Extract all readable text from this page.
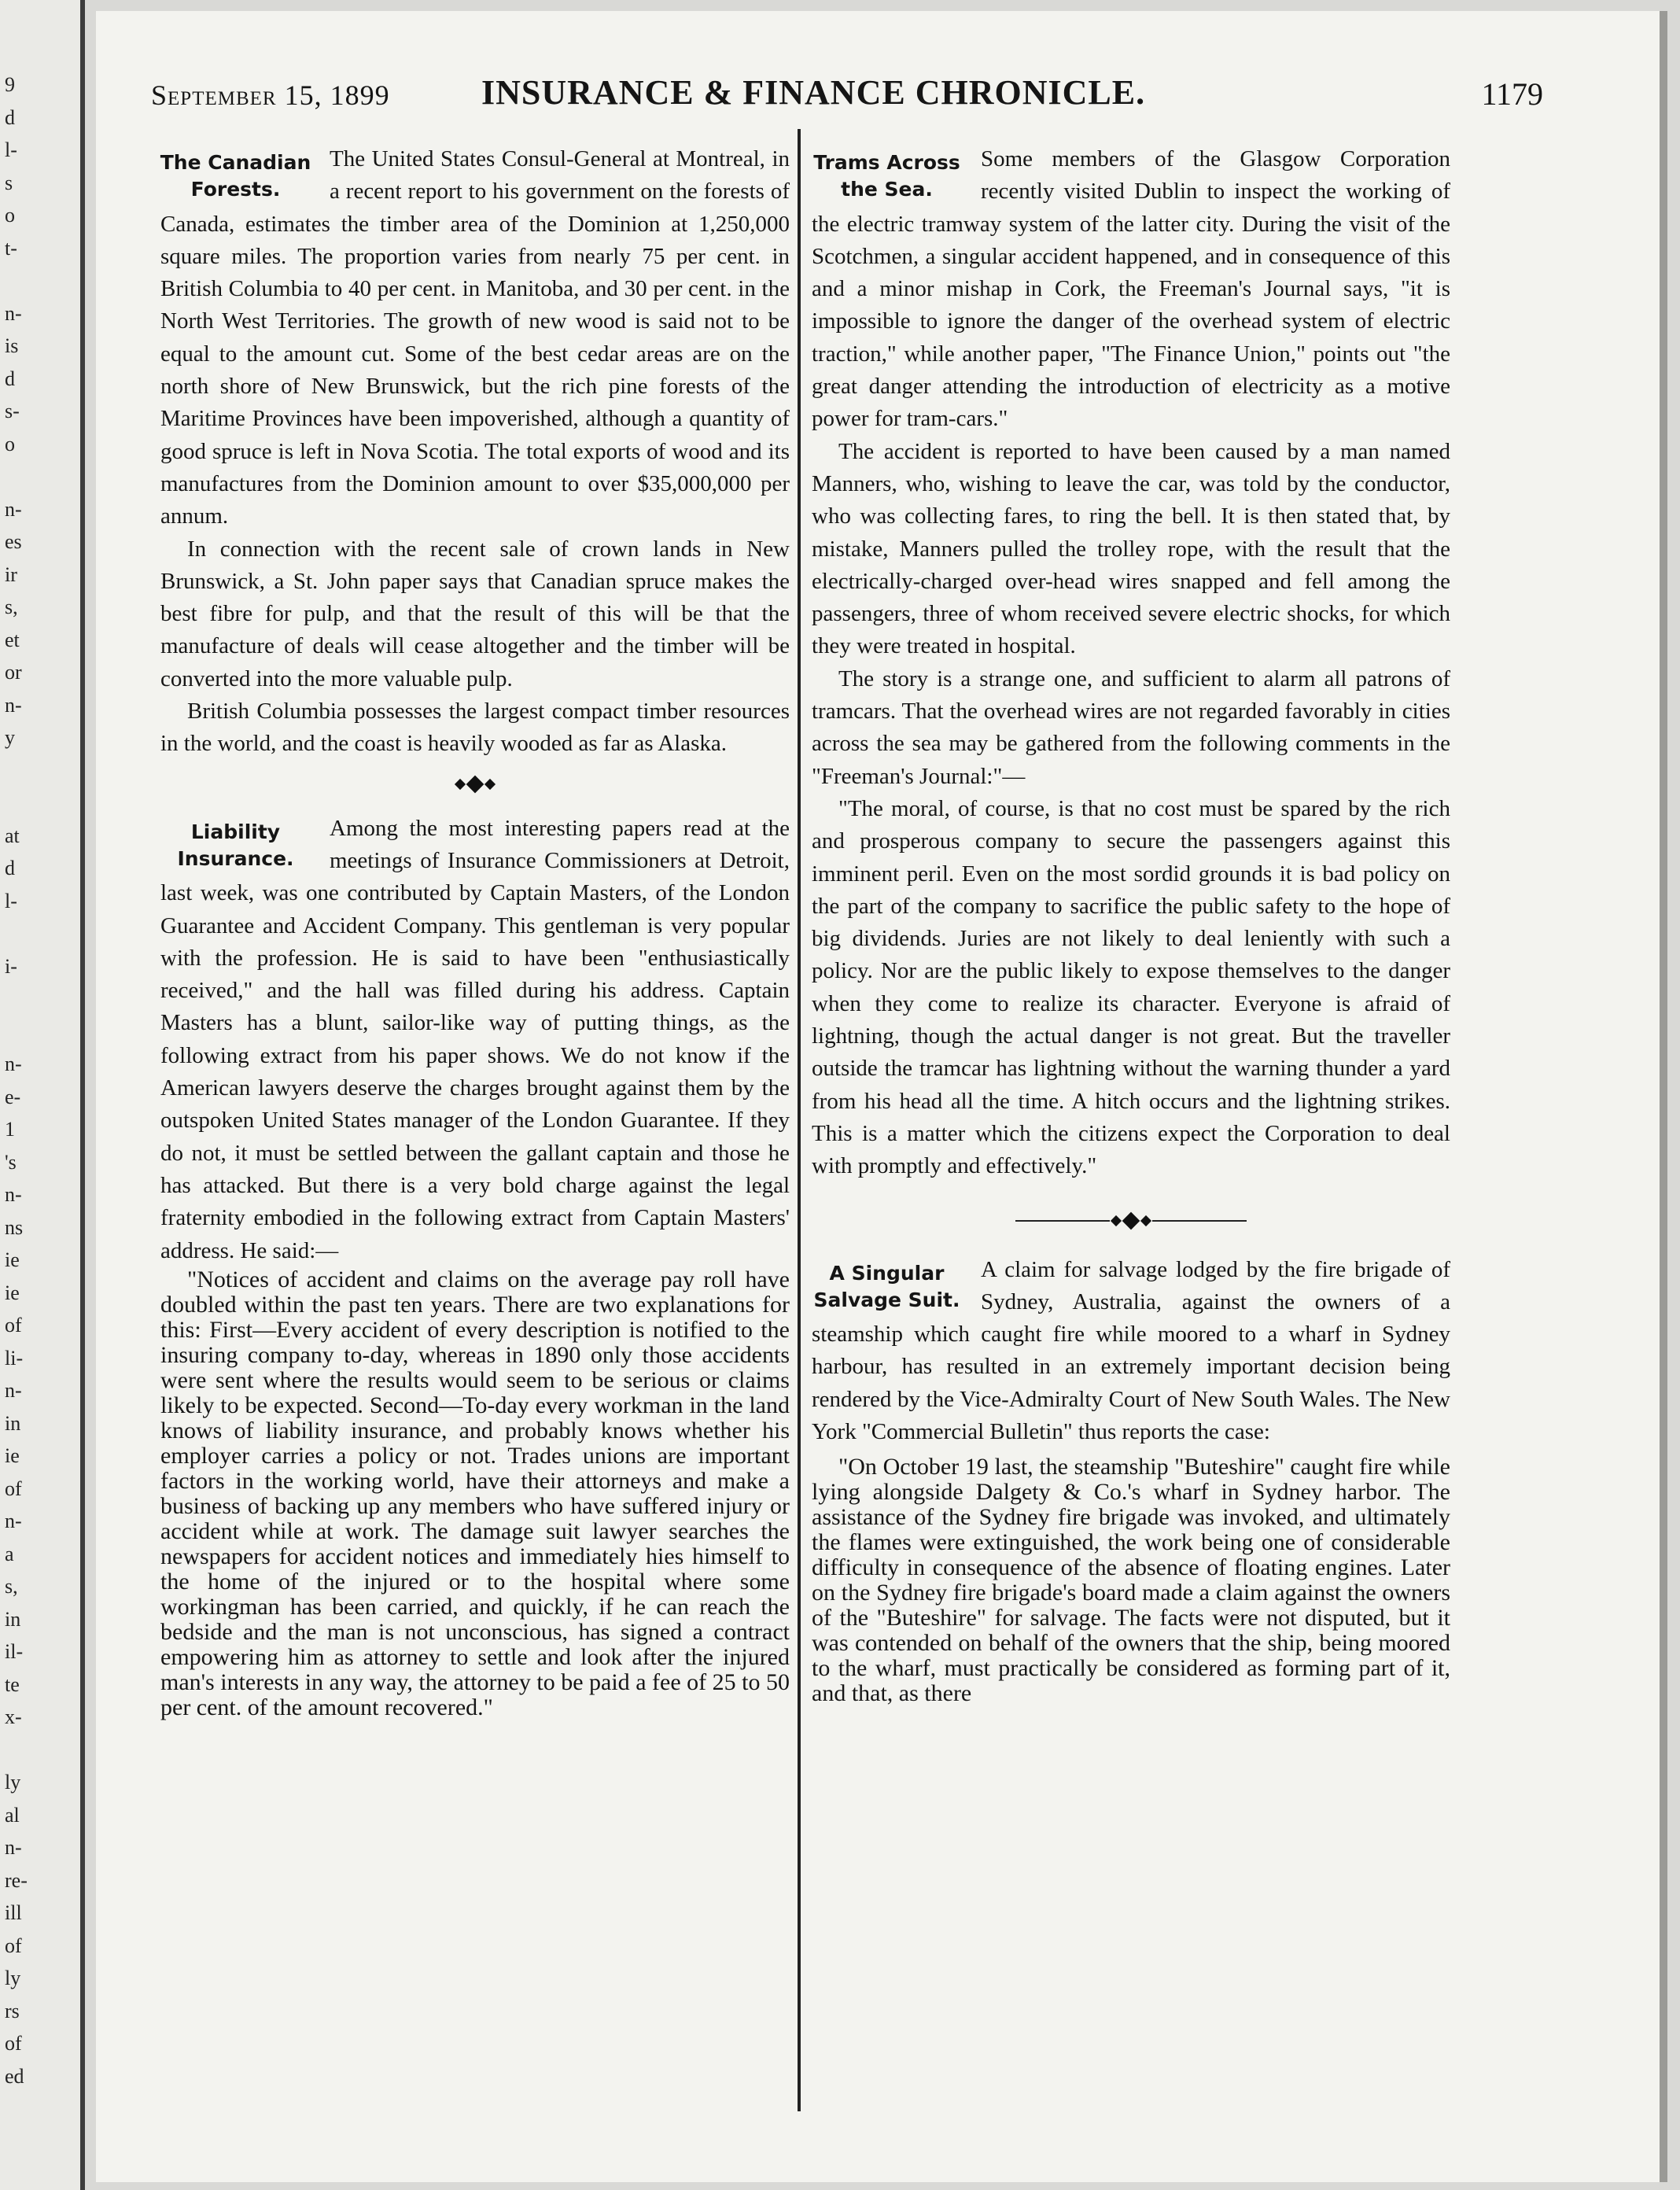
9
d
l-
s
o
t-
n-
is
d
s-
o
n-
es
ir
s,
et
or
n-
y
at
d
l-
i-
n-
e-
1
's
n-
ns
ie
ie
of
li-
n-
in
ie
of
n-
a
s,
in
il-
te
x-
ly
al
n-
re-
ill
of
ly
rs
of
ed
September 15, 1899	INSURANCE & FINANCE CHRONICLE.	1179
The Canadian Forests.

The United States Consul-General at Montreal, in a recent report to his government on the forests of Canada, estimates the timber area of the Dominion at 1,250,000 square miles. The proportion varies from nearly 75 per cent. in British Columbia to 40 per cent. in Manitoba, and 30 per cent. in the North West Territories. The growth of new wood is said not to be equal to the amount cut. Some of the best cedar areas are on the north shore of New Brunswick, but the rich pine forests of the Maritime Provinces have been impoverished, although a quantity of good spruce is left in Nova Scotia. The total exports of wood and its manufactures from the Dominion amount to over $35,000,000 per annum.

In connection with the recent sale of crown lands in New Brunswick, a St. John paper says that Canadian spruce makes the best fibre for pulp, and that the result of this will be that the manufacture of deals will cease altogether and the timber will be converted into the more valuable pulp.

British Columbia possesses the largest compact timber resources in the world, and the coast is heavily wooded as far as Alaska.

Liability Insurance.

Among the most interesting papers read at the meetings of Insurance Commissioners at Detroit, last week, was one contributed by Captain Masters, of the London Guarantee and Accident Company. This gentleman is very popular with the profession. He is said to have been "enthusiastically received," and the hall was filled during his address. Captain Masters has a blunt, sailor-like way of putting things, as the following extract from his paper shows. We do not know if the American lawyers deserve the charges brought against them by the outspoken United States manager of the London Guarantee. If they do not, it must be settled between the gallant captain and those he has attacked. But there is a very bold charge against the legal fraternity embodied in the following extract from Captain Masters' address. He said:—

"Notices of accident and claims on the average pay roll have doubled within the past ten years. There are two explanations for this: First—Every accident of every description is notified to the insuring company to-day, whereas in 1890 only those accidents were sent where the results would seem to be serious or claims likely to be expected. Second—To-day every workman in the land knows of liability insurance, and probably knows whether his employer carries a policy or not. Trades unions are important factors in the working world, have their attorneys and make a business of backing up any members who have suffered injury or accident while at work. The damage suit lawyer searches the newspapers for accident notices and immediately hies himself to the home of the injured or to the hospital where some workingman has been carried, and quickly, if he can reach the bedside and the man is not unconscious, has signed a contract empowering him as attorney to settle and look after the injured man's interests in any way, the attorney to be paid a fee of 25 to 50 per cent. of the amount recovered."

Trams Across the Sea.

Some members of the Glasgow Corporation recently visited Dublin to inspect the working of the electric tramway system of the latter city. During the visit of the Scotchmen, a singular accident happened, and in consequence of this and a minor mishap in Cork, the Freeman's Journal says, "it is impossible to ignore the danger of the overhead system of electric traction," while another paper, "The Finance Union," points out "the great danger attending the introduction of electricity as a motive power for tram-cars."

The accident is reported to have been caused by a man named Manners, who, wishing to leave the car, was told by the conductor, who was collecting fares, to ring the bell. It is then stated that, by mistake, Manners pulled the trolley rope, with the result that the electrically-charged over-head wires snapped and fell among the passengers, three of whom received severe electric shocks, for which they were treated in hospital.

The story is a strange one, and sufficient to alarm all patrons of tramcars. That the overhead wires are not regarded favorably in cities across the sea may be gathered from the following comments in the "Freeman's Journal:"—

"The moral, of course, is that no cost must be spared by the rich and prosperous company to secure the passengers against this imminent peril. Even on the most sordid grounds it is bad policy on the part of the company to sacrifice the public safety to the hope of big dividends. Juries are not likely to deal leniently with such a policy. Nor are the public likely to expose themselves to the danger when they come to realize its character. Everyone is afraid of lightning, though the actual danger is not great. But the traveller outside the tramcar has lightning without the warning thunder a yard from his head all the time. A hitch occurs and the lightning strikes. This is a matter which the citizens expect the Corporation to deal with promptly and effectively."

A Singular Salvage Suit.

A claim for salvage lodged by the fire brigade of Sydney, Australia, against the owners of a steamship which caught fire while moored to a wharf in Sydney harbour, has resulted in an extremely important decision being rendered by the Vice-Admiralty Court of New South Wales. The New York "Commercial Bulletin" thus reports the case:

"On October 19 last, the steamship "Buteshire" caught fire while lying alongside Dalgety & Co.'s wharf in Sydney harbor. The assistance of the Sydney fire brigade was invoked, and ultimately the flames were extinguished, the work being one of considerable difficulty in consequence of the absence of floating engines. Later on the Sydney fire brigade's board made a claim against the owners of the "Buteshire" for salvage. The facts were not disputed, but it was contended on behalf of the owners that the ship, being moored to the wharf, must practically be considered as forming part of it, and that, as there
